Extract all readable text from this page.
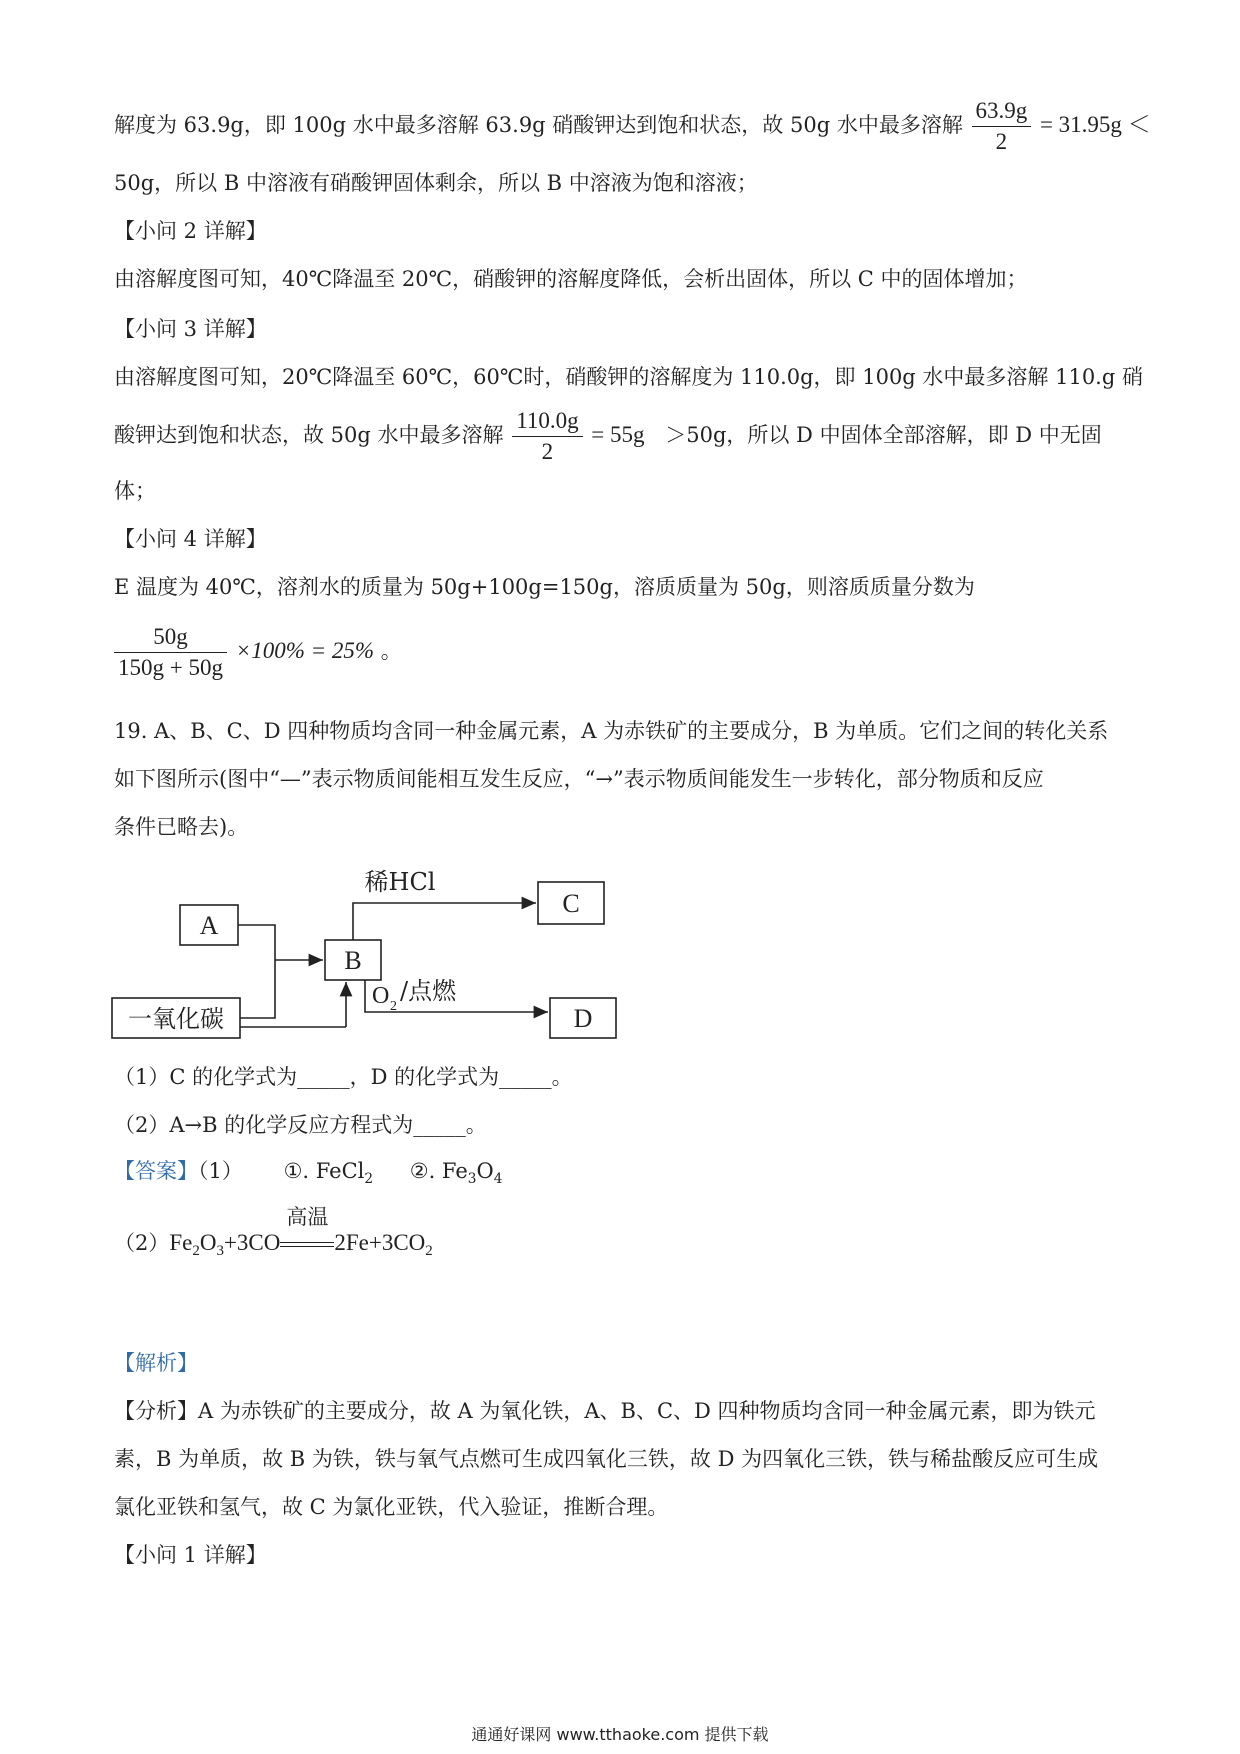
解度为 63.9g，即 100g 水中最多溶解 63.9g 硝酸钾达到饱和状态，故 50g 水中最多溶解 $\frac{63.9g}{2} = 31.95g$ ＜
50g，所以 B 中溶液有硝酸钾固体剩余，所以 B 中溶液为饱和溶液；
【小问 2 详解】
由溶解度图可知，40℃降温至 20℃，硝酸钾的溶解度降低，会析出固体，所以 C 中的固体增加；
【小问 3 详解】
由溶解度图可知，20℃降温至 60℃，60℃时，硝酸钾的溶解度为 110.0g，即 100g 水中最多溶解 110.g 硝
酸钾达到饱和状态，故 50g 水中最多溶解 $\frac{110.0g}{2} = 55g >50g$，所以 D 中固体全部溶解，即 D 中无固
体；
【小问 4 详解】
E 温度为 40℃，溶剂水的质量为 50g+100g=150g，溶质质量为 50g，则溶质质量分数为
$\frac{50g}{150g + 50g} \times 100\% = 25\%$ 。
19. A、B、C、D 四种物质均含同一种金属元素，A 为赤铁矿的主要成分，B 为单质。它们之间的转化关系
如下图所示(图中“—”表示物质间能相互发生反应，“→”表示物质间能发生一步转化，部分物质和反应
条件已略去)。
A
B
C
D
一氧化碳
稀HCl
O 2
/点燃
（1）C 的化学式为_____，D 的化学式为_____。
（2）A→B 的化学反应方程式为_____。
【答案】（1） ①. FeCl$_2$ ②. $Fe_3O_4$
$(2)Fe_2O_3+3CO$
高温
$2Fe+3CO_2$
【解析】
【分析】A 为赤铁矿的主要成分，故 A 为氧化铁，A、B、C、D 四种物质均含同一种金属元素，即为铁元
素，B 为单质，故 B 为铁，铁与氧气点燃可生成四氧化三铁，故 D 为四氧化三铁，铁与稀盐酸反应可生成
氯化亚铁和氢气，故 C 为氯化亚铁，代入验证，推断合理。
【小问 1 详解】
通通好课网 www.tthaoke.com 提供下载
